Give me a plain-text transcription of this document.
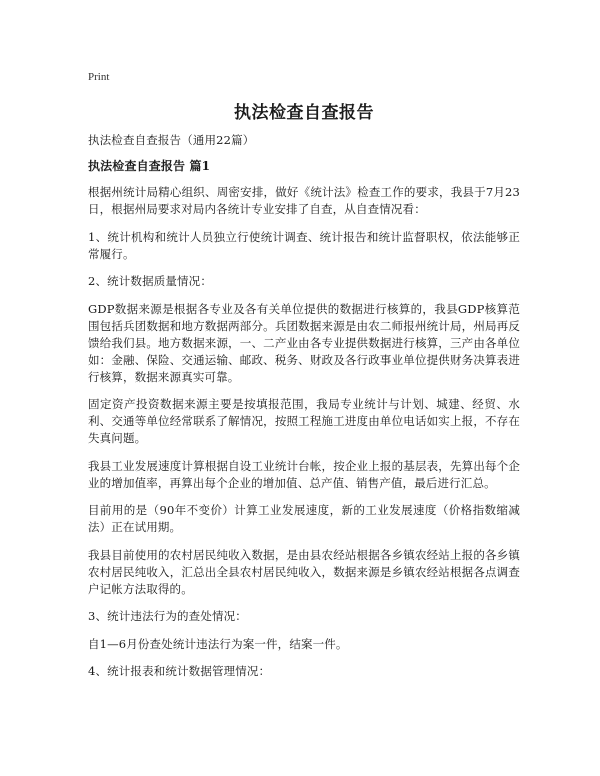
Print
执法检查自查报告

执法检查自查报告（通用22篇）

执法检查自查报告 篇1

根据州统计局精心组织、周密安排，做好《统计法》检查工作的要求，我县于7月23日，根据州局要求对局内各统计专业安排了自查，从自查情况看：

1、统计机构和统计人员独立行使统计调查、统计报告和统计监督职权，依法能够正常履行。

2、统计数据质量情况：

GDP数据来源是根据各专业及各有关单位提供的数据进行核算的，我县GDP核算范围包括兵团数据和地方数据两部分。兵团数据来源是由农二师报州统计局，州局再反馈给我们县。地方数据来源，一、二产业由各专业提供数据进行核算，三产由各单位如：金融、保险、交通运输、邮政、税务、财政及各行政事业单位提供财务决算表进行核算，数据来源真实可靠。

固定资产投资数据来源主要是按填报范围，我局专业统计与计划、城建、经贸、水利、交通等单位经常联系了解情况，按照工程施工进度由单位电话如实上报，不存在失真问题。

我县工业发展速度计算根据自设工业统计台帐，按企业上报的基层表，先算出每个企业的增加值率，再算出每个企业的增加值、总产值、销售产值，最后进行汇总。

目前用的是（90年不变价）计算工业发展速度，新的工业发展速度（价格指数缩减法）正在试用期。

我县目前使用的农村居民纯收入数据，是由县农经站根据各乡镇农经站上报的各乡镇农村居民纯收入，汇总出全县农村居民纯收入，数据来源是乡镇农经站根据各点调查户记帐方法取得的。

3、统计违法行为的查处情况：

自1—6月份查处统计违法行为案一件，结案一件。

4、统计报表和统计数据管理情况：
